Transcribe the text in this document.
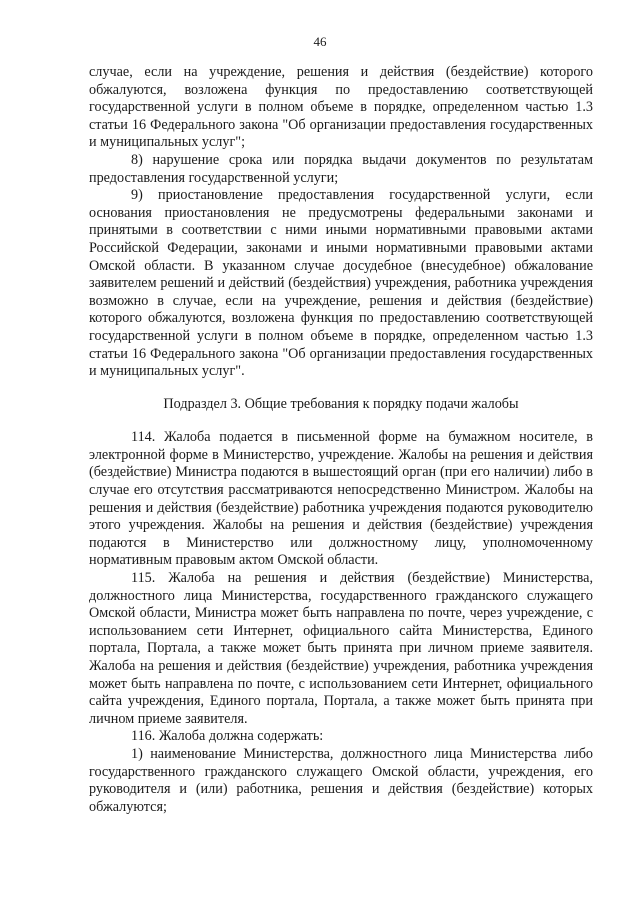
46

случае, если на учреждение, решения и действия (бездействие) которого обжалуются, возложена функция по предоставлению соответствующей государственной услуги в полном объеме в порядке, определенном частью 1.3 статьи 16 Федерального закона "Об организации предоставления государственных и муниципальных услуг";

8) нарушение срока или порядка выдачи документов по результатам предоставления государственной услуги;

9) приостановление предоставления государственной услуги, если основания приостановления не предусмотрены федеральными законами и принятыми в соответствии с ними иными нормативными правовыми актами Российской Федерации, законами и иными нормативными правовыми актами Омской области. В указанном случае досудебное (внесудебное) обжалование заявителем решений и действий (бездействия) учреждения, работника учреждения возможно в случае, если на учреждение, решения и действия (бездействие) которого обжалуются, возложена функция по предоставлению соответствующей государственной услуги в полном объеме в порядке, определенном частью 1.3 статьи 16 Федерального закона "Об организации предоставления государственных и муниципальных услуг".

Подраздел 3. Общие требования к порядку подачи жалобы

114. Жалоба подается в письменной форме на бумажном носителе, в электронной форме в Министерство, учреждение. Жалобы на решения и действия (бездействие) Министра подаются в вышестоящий орган (при его наличии) либо в случае его отсутствия рассматриваются непосредственно Министром. Жалобы на решения и действия (бездействие) работника учреждения подаются руководителю этого учреждения. Жалобы на решения и действия (бездействие) учреждения подаются в Министерство или должностному лицу, уполномоченному нормативным правовым актом Омской области.

115. Жалоба на решения и действия (бездействие) Министерства, должностного лица Министерства, государственного гражданского служащего Омской области, Министра может быть направлена по почте, через учреждение, с использованием сети Интернет, официального сайта Министерства, Единого портала, Портала, а также может быть принята при личном приеме заявителя. Жалоба на решения и действия (бездействие) учреждения, работника учреждения может быть направлена по почте, с использованием сети Интернет, официального сайта учреждения, Единого портала, Портала, а также может быть принята при личном приеме заявителя.

116. Жалоба должна содержать:

1) наименование Министерства, должностного лица Министерства либо государственного гражданского служащего Омской области, учреждения, его руководителя и (или) работника, решения и действия (бездействие) которых обжалуются;
